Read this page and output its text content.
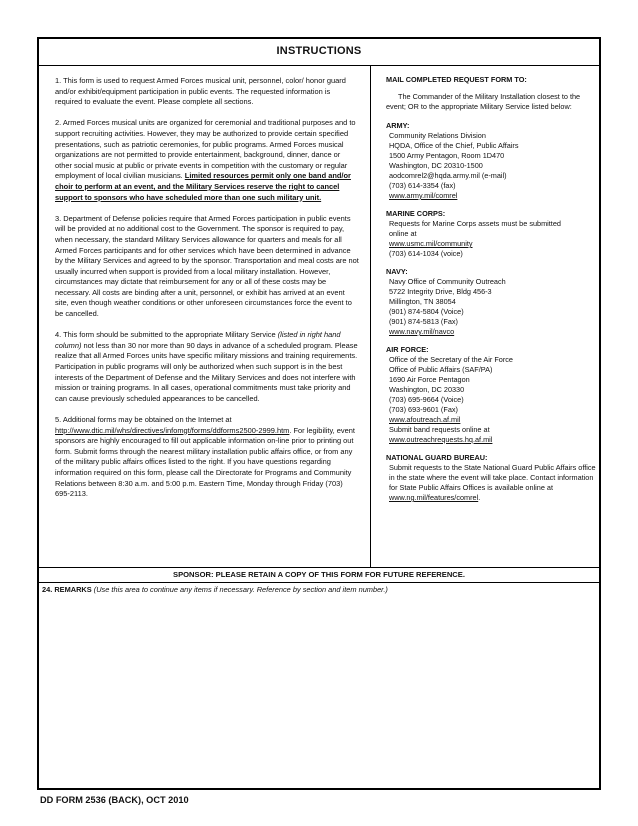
INSTRUCTIONS

1. This form is used to request Armed Forces musical unit, personnel, color/ honor guard and/or exhibit/equipment participation in public events. The requested information is required to evaluate the event. Please complete all sections.

2. Armed Forces musical units are organized for ceremonial and traditional purposes and to support recruiting activities. However, they may be authorized to provide certain specified presentations, such as patriotic ceremonies, for public programs. Armed Forces musical organizations are not permitted to provide entertainment, background, dinner, dance or other social music at public or private events in competition with the customary or regular employment of local civilian musicians. Limited resources permit only one band and/or choir to perform at an event, and the Military Services reserve the right to cancel support to sponsors who have scheduled more than one such military unit.

3. Department of Defense policies require that Armed Forces participation in public events will be provided at no additional cost to the Government. The sponsor is required to pay, when necessary, the standard Military Services allowance for quarters and meals for all Armed Forces participants and for other services which have been determined in advance by the Military Services and agreed to by the sponsor. Transportation and meal costs are not usually incurred when support is provided from a local military installation. However, circumstances may dictate that reimbursement for any or all of these costs may be necessary. All costs are binding after a unit, personnel, or exhibit has arrived at an event site, even though weather conditions or other unforeseen circumstances force the event to be cancelled.

4. This form should be submitted to the appropriate Military Service (listed in right hand column) not less than 30 nor more than 90 days in advance of a scheduled program. Please realize that all Armed Forces units have specific military missions and training requirements. Participation in public programs will only be authorized when such support is in the best interests of the Department of Defense and the Military Services and does not interfere with mission or training programs. In all cases, operational commitments must take priority and can cause previously scheduled appearances to be cancelled.

5. Additional forms may be obtained on the Internet at http://www.dtic.mil/whs/directives/infomgt/forms/ddforms2500-2999.htm. For legibility, event sponsors are highly encouraged to fill out applicable information on-line prior to printing out form. Submit forms through the nearest military installation public affairs office, or from any of the military public affairs offices listed to the right. If you have questions regarding information required on this form, please call the Directorate for Programs and Community Relations between 8:30 a.m. and 5:00 p.m. Eastern Time, Monday through Friday (703) 695-2113.

MAIL COMPLETED REQUEST FORM TO:
The Commander of the Military Installation closest to the event; OR to the appropriate Military Service listed below:
ARMY:
Community Relations Division
HQDA, Office of the Chief, Public Affairs
1500 Army Pentagon, Room 1D470
Washington, DC 20310-1500
aodcomrel2@hqda.army.mil (e-mail)
(703) 614-3354 (fax)
www.army.mil/comrel
MARINE CORPS:
Requests for Marine Corps assets must be submitted
online at
www.usmc.mil/community
(703) 614-1034 (voice)
NAVY:
Navy Office of Community Outreach
5722 Integrity Drive, Bldg 456-3
Millington, TN 38054
(901) 874-5804 (Voice)
(901) 874-5813 (Fax)
www.navy.mil/navco
AIR FORCE:
Office of the Secretary of the Air Force
Office of Public Affairs (SAF/PA)
1690 Air Force Pentagon
Washington, DC 20330
(703) 695-9664 (Voice)
(703) 693-9601 (Fax)
www.afoutreach.af.mil
Submit band requests online at
www.outreachrequests.hq.af.mil
NATIONAL GUARD BUREAU:
Submit requests to the State National Guard Public Affairs office in the state where the event will take place. Contact information for State Public Affairs Offices is available online at
www.ng.mil/features/comrel.
SPONSOR: PLEASE RETAIN A COPY OF THIS FORM FOR FUTURE REFERENCE.
24. REMARKS (Use this area to continue any items if necessary. Reference by section and item number.)
DD FORM 2536 (BACK), OCT 2010
